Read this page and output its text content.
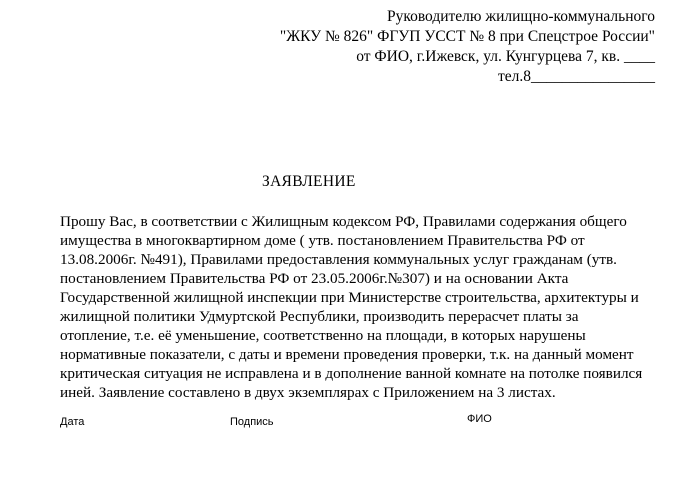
Руководителю жилищно-коммунального
"ЖКУ № 826" ФГУП УССТ № 8 при Спецстрое России"
от ФИО, г.Ижевск, ул. Кунгурцева 7, кв. ____
тел.8________________
ЗАЯВЛЕНИЕ
Прошу Вас, в соответствии с Жилищным кодексом РФ, Правилами содержания общего
имущества в многоквартирном доме ( утв. постановлением Правительства РФ от
13.08.2006г. №491), Правилами предоставления коммунальных услуг гражданам (утв.
постановлением Правительства РФ от 23.05.2006г.№307) и на основании Акта
Государственной жилищной инспекции при Министерстве строительства, архитектуры и
жилищной политики Удмуртской Республики, производить перерасчет платы за
отопление, т.е. её уменьшение, соответственно на площади, в которых нарушены
нормативные показатели, с даты и времени проведения проверки, т.к. на данный момент
критическая ситуация не исправлена и в дополнение ванной комнате на потолке появился
иней. Заявление составлено в двух экземплярах с Приложением на 3 листах.
Дата	Подпись	ФИО
